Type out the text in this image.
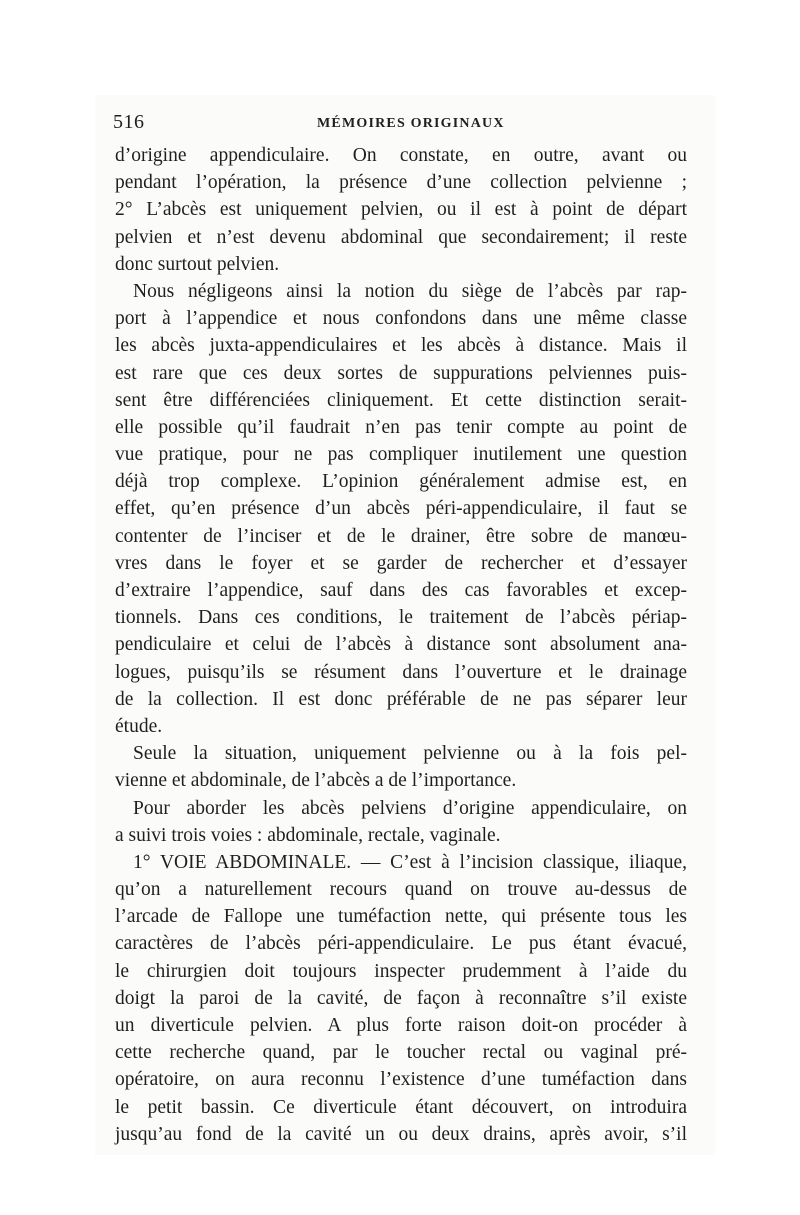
516	MÉMOIRES ORIGINAUX
d’origine appendiculaire. On constate, en outre, avant ou
pendant l’opération, la présence d’une collection pelvienne ;
2° L’abcès est uniquement pelvien, ou il est à point de départ
pelvien et n’est devenu abdominal que secondairement; il reste
donc surtout pelvien.
Nous négligeons ainsi la notion du siège de l’abcès par rap-
port à l’appendice et nous confondons dans une même classe
les abcès juxta-appendiculaires et les abcès à distance. Mais il
est rare que ces deux sortes de suppurations pelviennes puis-
sent être différenciées cliniquement. Et cette distinction serait-
elle possible qu’il faudrait n’en pas tenir compte au point de
vue pratique, pour ne pas compliquer inutilement une question
déjà trop complexe. L’opinion généralement admise est, en
effet, qu’en présence d’un abcès péri-appendiculaire, il faut se
contenter de l’inciser et de le drainer, être sobre de manœu-
vres dans le foyer et se garder de rechercher et d’essayer
d’extraire l’appendice, sauf dans des cas favorables et excep-
tionnels. Dans ces conditions, le traitement de l’abcès périap-
pendiculaire et celui de l’abcès à distance sont absolument ana-
logues, puisqu’ils se résument dans l’ouverture et le drainage
de la collection. Il est donc préférable de ne pas séparer leur
étude.
Seule la situation, uniquement pelvienne ou à la fois pel-
vienne et abdominale, de l’abcès a de l’importance.
Pour aborder les abcès pelviens d’origine appendiculaire, on
a suivi trois voies : abdominale, rectale, vaginale.
1° VOIE ABDOMINALE. — C’est à l’incision classique, iliaque,
qu’on a naturellement recours quand on trouve au-dessus de
l’arcade de Fallope une tuméfaction nette, qui présente tous les
caractères de l’abcès péri-appendiculaire. Le pus étant évacué,
le chirurgien doit toujours inspecter prudemment à l’aide du
doigt la paroi de la cavité, de façon à reconnaître s’il existe
un diverticule pelvien. A plus forte raison doit-on procéder à
cette recherche quand, par le toucher rectal ou vaginal pré-
opératoire, on aura reconnu l’existence d’une tuméfaction dans
le petit bassin. Ce diverticule étant découvert, on introduira
jusqu’au fond de la cavité un ou deux drains, après avoir, s’il
